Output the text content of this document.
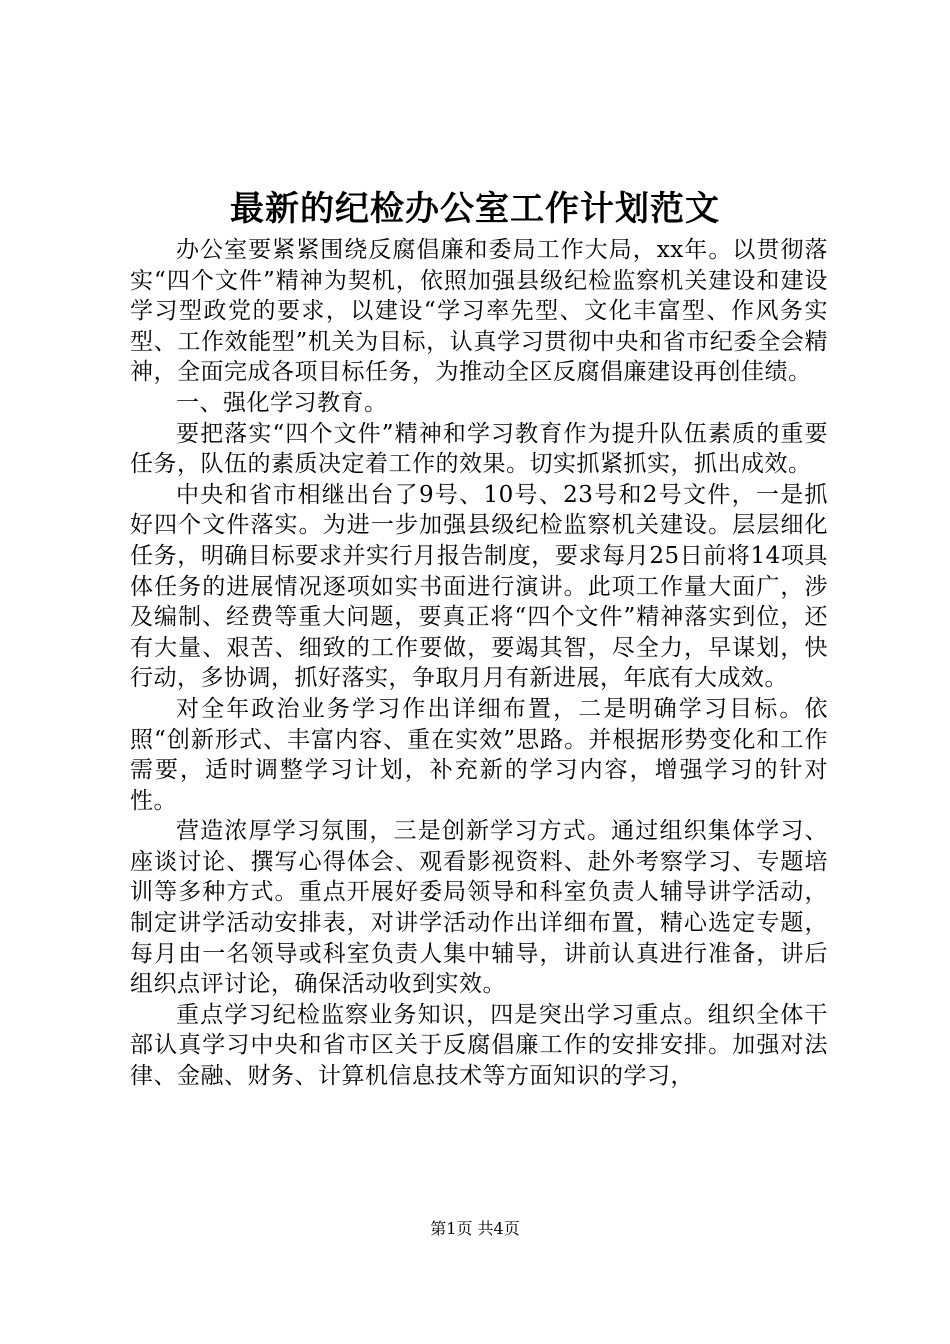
最新的纪检办公室工作计划范文

办公室要紧紧围绕反腐倡廉和委局工作大局，xx年。以贯彻落实“四个文件”精神为契机，依照加强县级纪检监察机关建设和建设学习型政党的要求，以建设“学习率先型、文化丰富型、作风务实型、工作效能型”机关为目标，认真学习贯彻中央和省市纪委全会精神，全面完成各项目标任务，为推动全区反腐倡廉建设再创佳绩。

一、强化学习教育。

要把落实“四个文件”精神和学习教育作为提升队伍素质的重要任务，队伍的素质决定着工作的效果。切实抓紧抓实，抓出成效。

中央和省市相继出台了9号、10号、23号和2号文件，一是抓好四个文件落实。为进一步加强县级纪检监察机关建设。层层细化任务，明确目标要求并实行月报告制度，要求每月25日前将14项具体任务的进展情况逐项如实书面进行演讲。此项工作量大面广，涉及编制、经费等重大问题，要真正将“四个文件”精神落实到位，还有大量、艰苦、细致的工作要做，要竭其智，尽全力，早谋划，快行动，多协调，抓好落实，争取月月有新进展，年底有大成效。

对全年政治业务学习作出详细布置，二是明确学习目标。依照“创新形式、丰富内容、重在实效”思路。并根据形势变化和工作需要，适时调整学习计划，补充新的学习内容，增强学习的针对性。

营造浓厚学习氛围，三是创新学习方式。通过组织集体学习、座谈讨论、撰写心得体会、观看影视资料、赴外考察学习、专题培训等多种方式。重点开展好委局领导和科室负责人辅导讲学活动，制定讲学活动安排表，对讲学活动作出详细布置，精心选定专题，每月由一名领导或科室负责人集中辅导，讲前认真进行准备，讲后组织点评讨论，确保活动收到实效。

重点学习纪检监察业务知识，四是突出学习重点。组织全体干部认真学习中央和省市区关于反腐倡廉工作的安排安排。加强对法律、金融、财务、计算机信息技术等方面知识的学习，

第1页 共4页
